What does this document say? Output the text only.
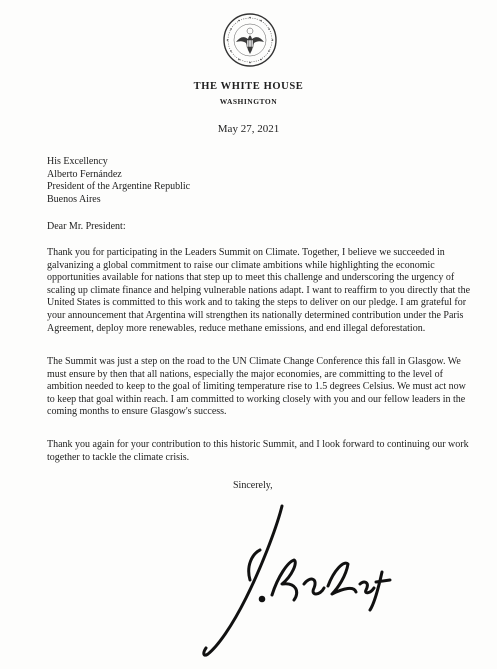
THE WHITE HOUSE
WASHINGTON
May 27, 2021
His Excellency
Alberto Fernández
President of the Argentine Republic
Buenos Aires
Dear Mr. President:
Thank you for participating in the Leaders Summit on Climate. Together, I believe we succeeded in galvanizing a global commitment to raise our climate ambitions while highlighting the economic opportunities available for nations that step up to meet this challenge and underscoring the urgency of scaling up climate finance and helping vulnerable nations adapt. I want to reaffirm to you directly that the United States is committed to this work and to taking the steps to deliver on our pledge. I am grateful for your announcement that Argentina will strengthen its nationally determined contribution under the Paris Agreement, deploy more renewables, reduce methane emissions, and end illegal deforestation.
The Summit was just a step on the road to the UN Climate Change Conference this fall in Glasgow. We must ensure by then that all nations, especially the major economies, are committing to the level of ambition needed to keep to the goal of limiting temperature rise to 1.5 degrees Celsius. We must act now to keep that goal within reach. I am committed to working closely with you and our fellow leaders in the coming months to ensure Glasgow's success.
Thank you again for your contribution to this historic Summit, and I look forward to continuing our work together to tackle the climate crisis.
Sincerely,
